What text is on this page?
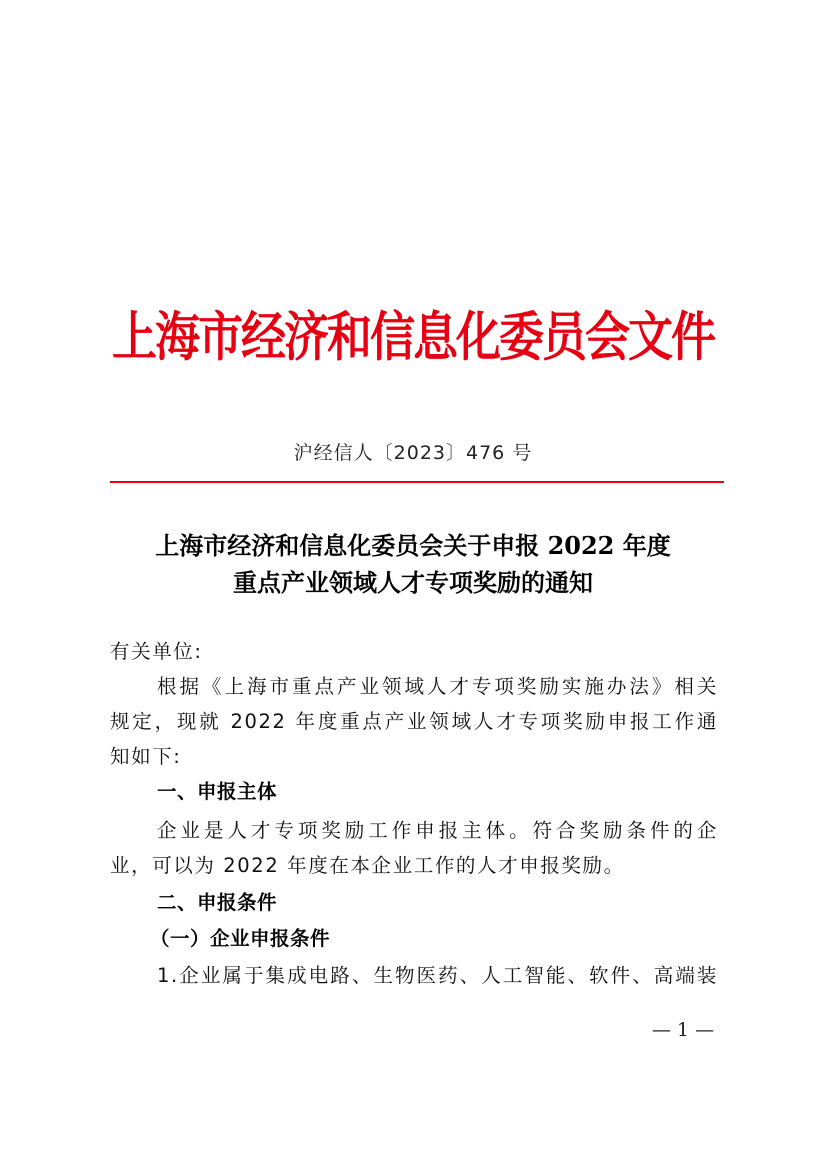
上海市经济和信息化委员会文件
沪经信人〔2023〕476 号
上海市经济和信息化委员会关于申报 2022 年度
重点产业领域人才专项奖励的通知
有关单位:
根据《上海市重点产业领域人才专项奖励实施办法》相关
规定，现就 2022 年度重点产业领域人才专项奖励申报工作通
知如下:
一、申报主体
企业是人才专项奖励工作申报主体。符合奖励条件的企
业，可以为 2022 年度在本企业工作的人才申报奖励。
二、申报条件
（一）企业申报条件
1.企业属于集成电路、生物医药、人工智能、软件、高端装
— 1 —
